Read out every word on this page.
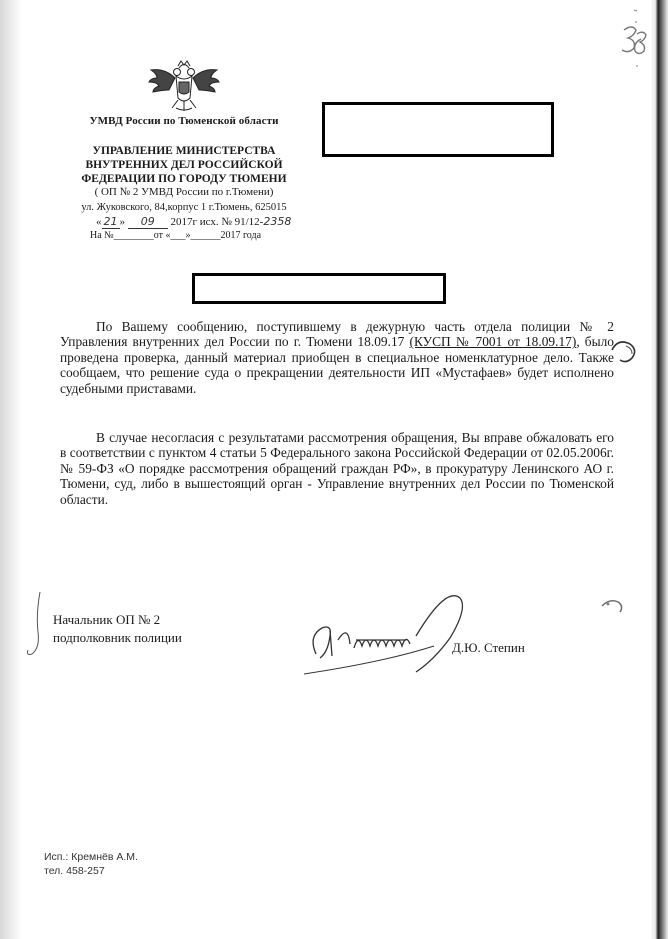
УМВД России по Тюменской области
УПРАВЛЕНИЕ МИНИСТЕРСТВА
ВНУТРЕННИХ ДЕЛ РОССИЙСКОЙ
ФЕДЕРАЦИИ ПО ГОРОДУ ТЮМЕНИ
( ОП № 2 УМВД России по г.Тюмени)
ул. Жуковского, 84,корпус 1 г.Тюмень, 625015
« 21 » 09 2017г исх. № 91/12-2358
На №________от «___»______2017 года
По Вашему сообщению, поступившему в дежурную часть отдела полиции № 2 Управления внутренних дел России по г. Тюмени 18.09.17 (КУСП № 7001 от 18.09.17), было проведена проверка, данный материал приобщен в специальное номенклатурное дело. Также сообщаем, что решение суда о прекращении деятельности ИП «Мустафаев» будет исполнено судебными приставами.
В случае несогласия с результатами рассмотрения обращения, Вы вправе обжаловать его в соответствии с пунктом 4 статьи 5 Федерального закона Российской Федерации от 02.05.2006г. № 59-ФЗ «О порядке рассмотрения обращений граждан РФ», в прокуратуру Ленинского АО г. Тюмени, суд, либо в вышестоящий орган - Управление внутренних дел России по Тюменской области.
Начальник ОП № 2
подполковник полиции
Д.Ю. Степин
Исп.: Кремнёв А.М.
тел. 458-257
